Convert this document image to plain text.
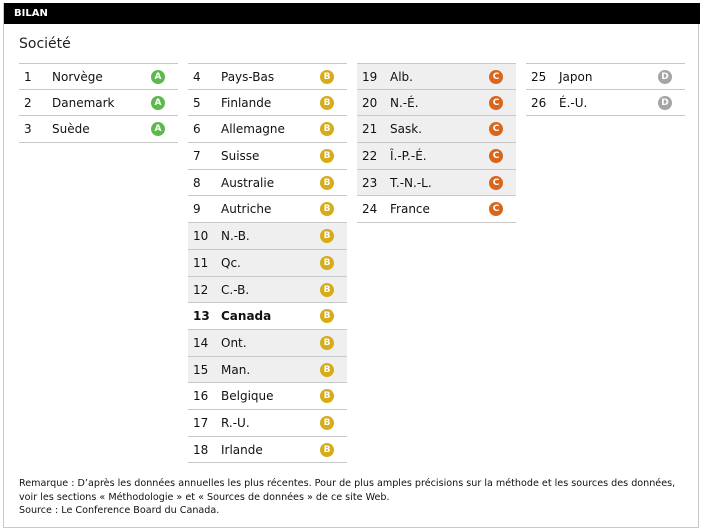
BILAN
Société
1 Norvège	A
2 Danemark	A
3 Suède	A
4 Pays-Bas	B
5 Finlande	B
6 Allemagne	B
7 Suisse	B
8 Australie	B
9 Autriche	B
10 N.-B.	B
11 Qc.	B
12 C.-B.	B
13 Canada	B
14 Ont.	B
15 Man.	B
16 Belgique	B
17 R.-U.	B
18 Irlande	B
19 Alb.	C
20 N.-É.	C
21 Sask.	C
22 Î.-P.-É.	C
23 T.-N.-L.	C
24 France	C
25 Japon	D
26 É.-U.	D
Remarque : D’après les données annuelles les plus récentes. Pour de plus amples précisions sur la méthode et les sources des données, voir les sections « Méthodologie » et « Sources de données » de ce site Web.
Source : Le Conference Board du Canada.
